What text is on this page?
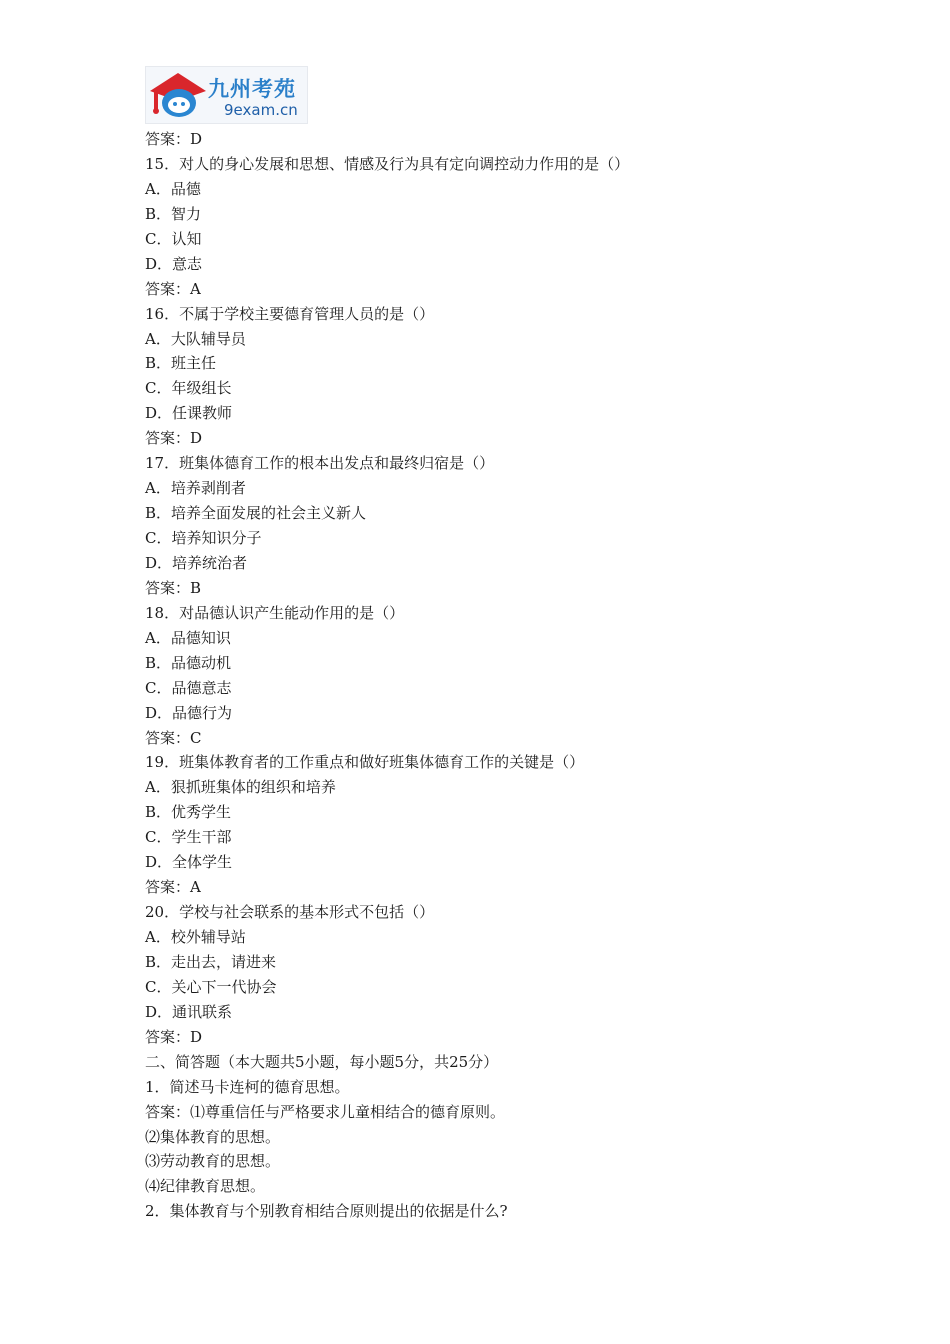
九州考苑
9exam.cn
答案：D
15．对人的身心发展和思想、情感及行为具有定向调控动力作用的是（）
A．品德
B．智力
C．认知
D．意志
答案：A
16．不属于学校主要德育管理人员的是（）
A．大队辅导员
B．班主任
C．年级组长
D．任课教师
答案：D
17．班集体德育工作的根本出发点和最终归宿是（）
A．培养剥削者
B．培养全面发展的社会主义新人
C．培养知识分子
D．培养统治者
答案：B
18．对品德认识产生能动作用的是（）
A．品德知识
B．品德动机
C．品德意志
D．品德行为
答案：C
19．班集体教育者的工作重点和做好班集体德育工作的关键是（）
A．狠抓班集体的组织和培养
B．优秀学生
C．学生干部
D．全体学生
答案：A
20．学校与社会联系的基本形式不包括（）
A．校外辅导站
B．走出去，请进来
C．关心下一代协会
D．通讯联系
答案：D
二、简答题（本大题共5小题，每小题5分，共25分）
1．简述马卡连柯的德育思想。
答案：⑴尊重信任与严格要求儿童相结合的德育原则。
⑵集体教育的思想。
⑶劳动教育的思想。
⑷纪律教育思想。
2．集体教育与个别教育相结合原则提出的依据是什么?
